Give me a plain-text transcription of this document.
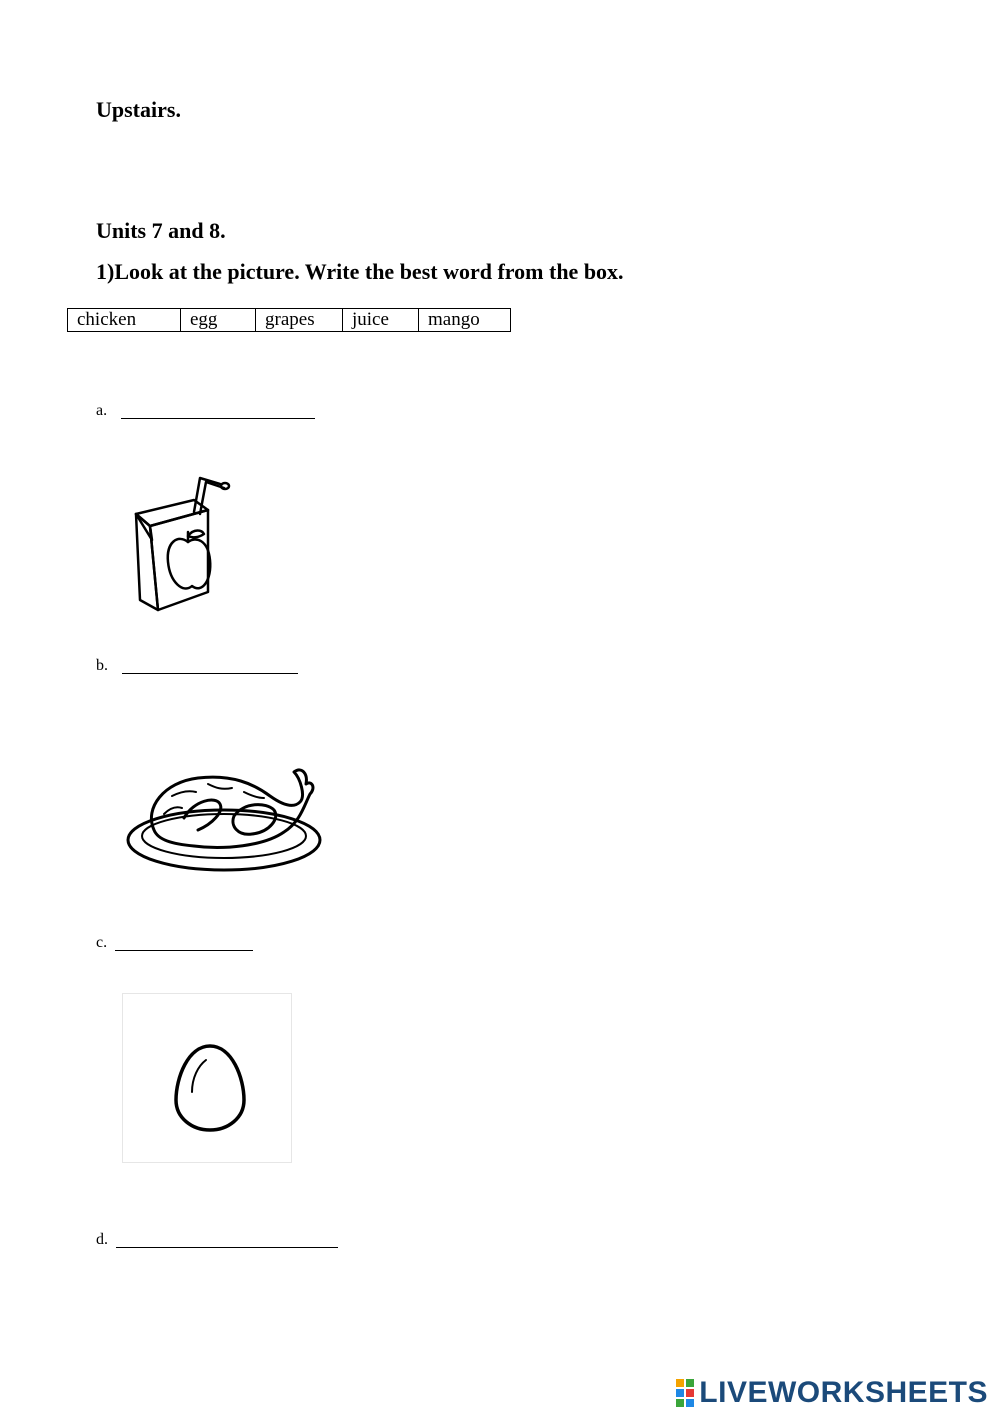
Upstairs.
Units 7 and 8.
1)Look at the picture. Write the best word from the box.
chicken	egg	grapes	juice	mango
a.
b.
c.
d.
LIVEWORKSHEETS
